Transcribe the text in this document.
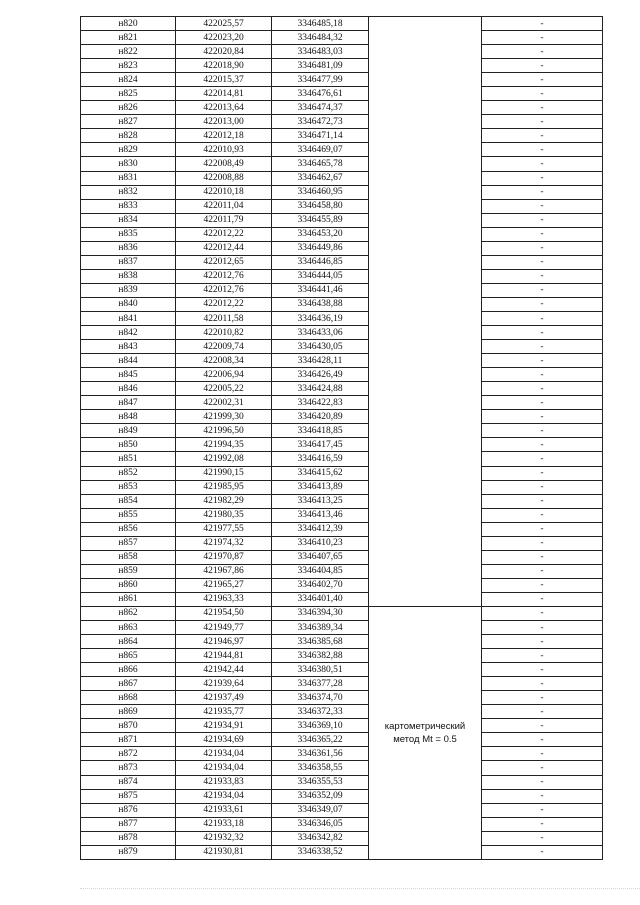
н820	422025,57	3346485,18		-
н821	422023,20	3346484,32		-
н822	422020,84	3346483,03		-
н823	422018,90	3346481,09		-
н824	422015,37	3346477,99		-
н825	422014,81	3346476,61		-
н826	422013,64	3346474,37		-
н827	422013,00	3346472,73		-
н828	422012,18	3346471,14		-
н829	422010,93	3346469,07		-
н830	422008,49	3346465,78		-
н831	422008,88	3346462,67		-
н832	422010,18	3346460,95		-
н833	422011,04	3346458,80		-
н834	422011,79	3346455,89		-
н835	422012,22	3346453,20		-
н836	422012,44	3346449,86		-
н837	422012,65	3346446,85		-
н838	422012,76	3346444,05		-
н839	422012,76	3346441,46		-
н840	422012,22	3346438,88		-
н841	422011,58	3346436,19		-
н842	422010,82	3346433,06		-
н843	422009,74	3346430,05		-
н844	422008,34	3346428,11		-
н845	422006,94	3346426,49		-
н846	422005,22	3346424,88		-
н847	422002,31	3346422,83		-
н848	421999,30	3346420,89		-
н849	421996,50	3346418,85		-
н850	421994,35	3346417,45		-
н851	421992,08	3346416,59		-
н852	421990,15	3346415,62		-
н853	421985,95	3346413,89		-
н854	421982,29	3346413,25		-
н855	421980,35	3346413,46		-
н856	421977,55	3346412,39		-
н857	421974,32	3346410,23		-
н858	421970,87	3346407,65		-
н859	421967,86	3346404,85		-
н860	421965,27	3346402,70		-
н861	421963,33	3346401,40		-
н862	421954,50	3346394,30	картометрический
метод Mt = 0.5	-
н863	421949,77	3346389,34		-
н864	421946,97	3346385,68		-
н865	421944,81	3346382,88		-
н866	421942,44	3346380,51		-
н867	421939,64	3346377,28		-
н868	421937,49	3346374,70		-
н869	421935,77	3346372,33		-
н870	421934,91	3346369,10		-
н871	421934,69	3346365,22		-
н872	421934,04	3346361,56		-
н873	421934,04	3346358,55		-
н874	421933,83	3346355,53		-
н875	421934,04	3346352,09		-
н876	421933,61	3346349,07		-
н877	421933,18	3346346,05		-
н878	421932,32	3346342,82		-
н879	421930,81	3346338,52		-
